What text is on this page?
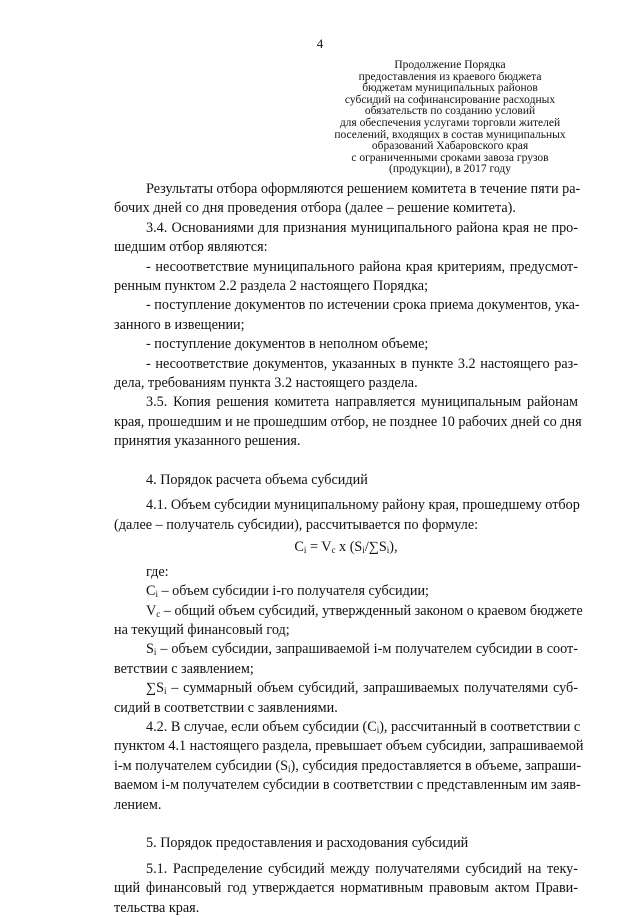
4
Продолжение Порядка
предоставления из краевого бюджета
бюджетам муниципальных районов
субсидий на софинансирование расходных
обязательств по созданию условий
для обеспечения услугами торговли жителей
поселений, входящих в состав муниципальных
образований Хабаровского края
с ограниченными сроками завоза грузов
(продукции), в 2017 году
Результаты отбора оформляются решением комитета в течение пяти ра-
бочих дней со дня проведения отбора (далее – решение комитета).
3.4. Основаниями для признания муниципального района края не про-
шедшим отбор являются:
- несоответствие муниципального района края критериям, предусмот-
ренным пунктом 2.2 раздела 2 настоящего Порядка;
- поступление документов по истечении срока приема документов, ука-
занного в извещении;
- поступление документов в неполном объеме;
- несоответствие документов, указанных в пункте 3.2 настоящего раз-
дела, требованиям пункта 3.2 настоящего раздела.
3.5. Копия решения комитета направляется муниципальным районам
края, прошедшим и не прошедшим отбор, не позднее 10 рабочих дней со дня
принятия указанного решения.
4. Порядок расчета объема субсидий
4.1. Объем субсидии муниципальному району края, прошедшему отбор
(далее – получатель субсидии), рассчитывается по формуле:
$C_i = V_c$ x $(S_i/\sum S_i)$,
где:
$C_i$ – объем субсидии i-го получателя субсидии;
$V_c$ – общий объем субсидий, утвержденный законом о краевом бюджете
на текущий финансовый год;
$S_i$ – объем субсидии, запрашиваемой i-м получателем субсидии в соот-
ветствии с заявлением;
$\sum S_i$ – суммарный объем субсидий, запрашиваемых получателями суб-
сидий в соответствии с заявлениями.
4.2. В случае, если объем субсидии $(C_i)$, рассчитанный в соответствии с
пунктом 4.1 настоящего раздела, превышает объем субсидии, запрашиваемой
i-м получателем субсидии $(S_i)$, субсидия предоставляется в объеме, запраши-
ваемом i-м получателем субсидии в соответствии с представленным им заяв-
лением.
5. Порядок предоставления и расходования субсидий
5.1. Распределение субсидий между получателями субсидий на теку-
щий финансовый год утверждается нормативным правовым актом Прави-
тельства края.
